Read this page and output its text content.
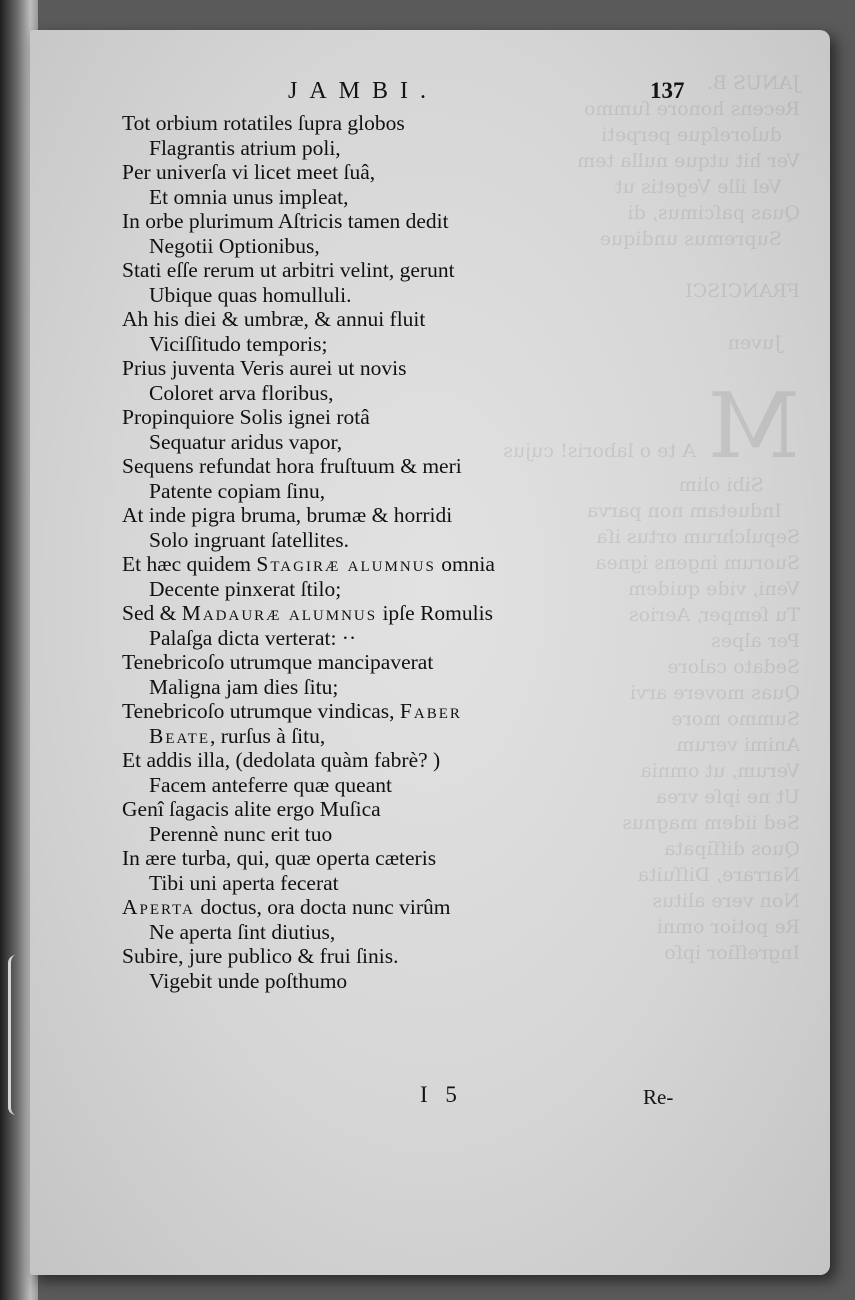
JANUS B.
Recens honore ſummo
duloreſque perpeti
Ver hit utque nulla tem
Vel ille Vegetis ut
Quas paſcimus, di
Supremus undique

FRANCISCI

Juven

M  A te o laboris! cujus
Sibi olim
Induetam non parva
Sepulchrum ortus iſa
Suorum ingens ignea
Veni, vide quidem
Tu ſemper, Aerios
Per alpes
Sedato calore
Quas movere arvi
Summo more
Animi verum
Verum, ut omnia
Ut ne ipſe vrea
Sed iidem magnus
Quos diſſipata
Narrare, Diſſuita
Non vere alitus
Re potior omni
Ingreſſior ipſo
JAMBI.	137
Tot orbium rotatiles ſupra globos
Flagrantis atrium poli,
Per univerſa vi licet meet ſuâ,
Et omnia unus impleat,
In orbe plurimum Aſtricis tamen dedit
Negotii Optionibus,
Stati eſſe rerum ut arbitri velint, gerunt
Ubique quas homulluli.
Ah his diei & umbræ, & annui fluit
Viciſſitudo temporis;
Prius juventa Veris aurei ut novis
Coloret arva floribus,
Propinquiore Solis ignei rotâ
Sequatur aridus vapor,
Sequens refundat hora fruſtuum & meri
Patente copiam ſinu,
At inde pigra bruma, brumæ & horridi
Solo ingruant ſatellites.
Et hæc quidem Stagiræ alumnus omnia
Decente pinxerat ſtilo;
Sed & Madauræ alumnus ipſe Romulis
Palaſga dicta verterat: ··
Tenebricoſo utrumque mancipaverat
Maligna jam dies ſitu;
Tenebricoſo utrumque vindicas, Faber
Beate, rurſus à ſitu,
Et addis illa, (dedolata quàm fabrè? )
Facem anteferre quæ queant
Genî ſagacis alite ergo Muſica
Perennè nunc erit tuo
In ære turba, qui, quæ operta cæteris
Tibi uni aperta fecerat
Aperta doctus, ora docta nunc virûm
Ne aperta ſint diutius,
Subire, jure publico & frui ſinis.
Vigebit unde poſthumo
I 5	Re-
